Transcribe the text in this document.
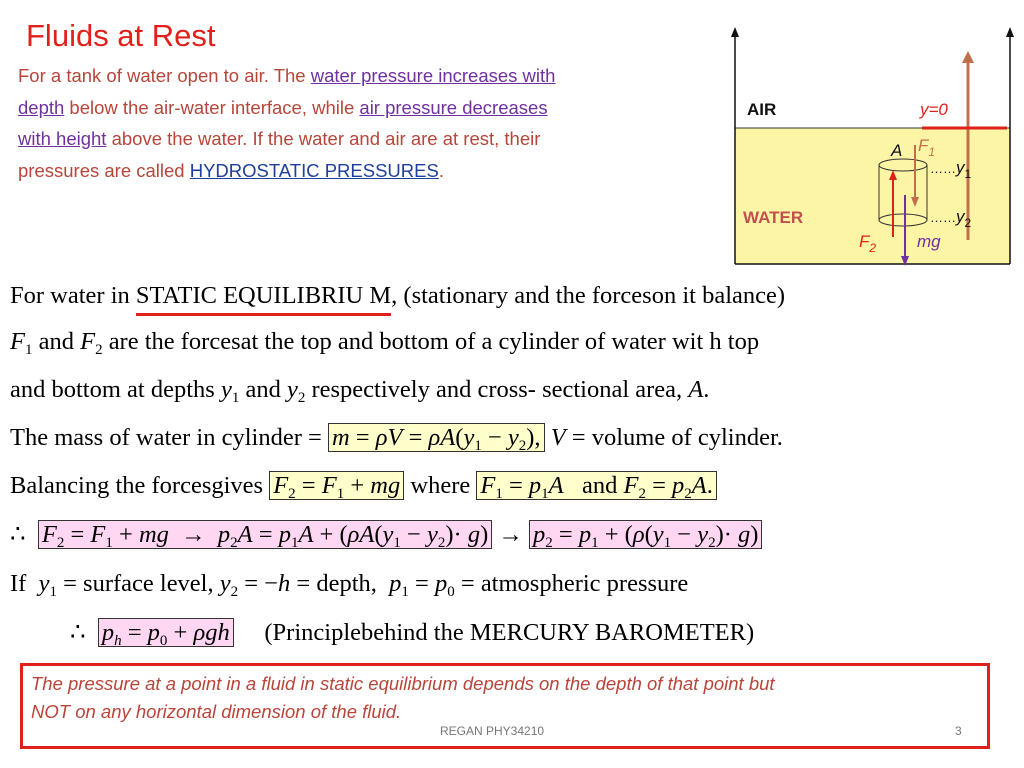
Fluids at Rest
For a tank of water open to air. The water pressure increases with depth below the air-water interface, while air pressure decreases with height above the water. If the water and air are at rest, their pressures are called HYDROSTATIC PRESSURES.
AIR	y=0
WATER
A $F_1$
$\dots\dots y_1$
$\dots\dots y_2$
$F_2$ mg
For water in STATIC EQUILIBRIU M
, (stationary and the forceson it balance)
$F_1$ and $F_2$ are the forcesat the top and bottom of a cylinder of water wit h top
and bottom at depths $y_1$ and $y_2$ respectively and cross- sectional area, A.
The mass of water in cylinder = $m = \rho V = \rho A(y_1 - y_2)$, V = volume of cylinder.
Balancing the forcesgives $F_2 = F_1$ + mg where $F_1 = p_1A$   and $F_2 = p_2A$.
∴  $F_2 = F_1$ + mg  →  $p_2A = p_1A + (\rho A(y_1 - y_2)\cdot g) \to p_2 = p_1 + (\rho(y_1 - y_2)\cdot g)$
If $y_1$ = surface level, $y_2 = -h$ = depth, $p_1 = p_0$ = atmospheric pressure
∴  $p_h = p_0 + \rho gh$ (Principlebehind the MERCURY BAROMETER)
The pressure at a point in a fluid in static equilibrium depends on the depth of that point but NOT on any horizontal dimension of the fluid.
REGAN PHY34210	3
